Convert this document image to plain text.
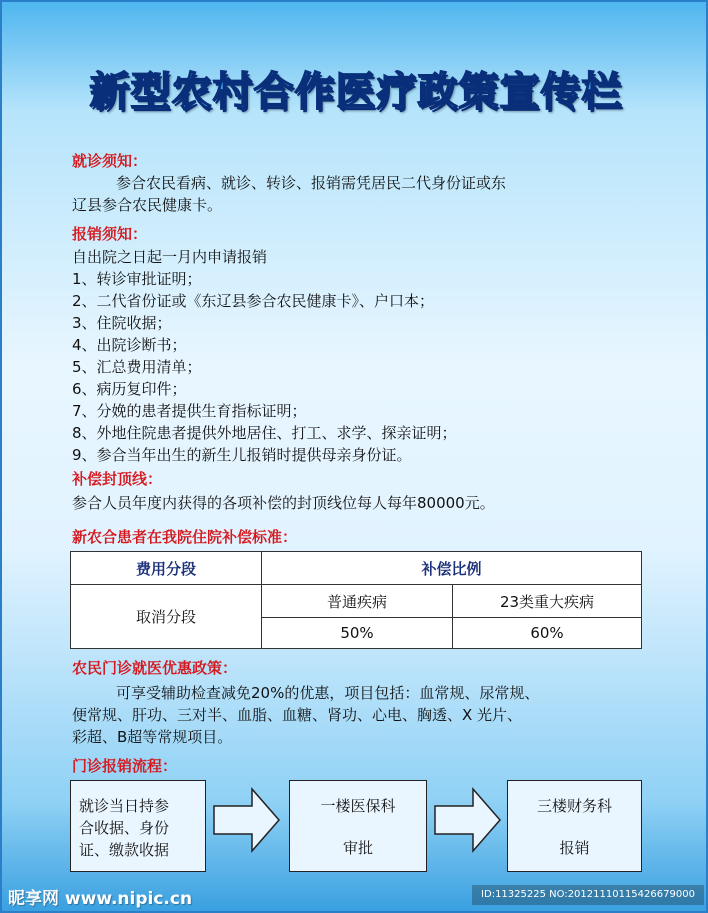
新型农村合作医疗政策宣传栏
就诊须知：
参合农民看病、就诊、转诊、报销需凭居民二代身份证或东
辽县参合农民健康卡。
报销须知：
自出院之日起一月内申请报销
1、转诊审批证明；
2、二代省份证或《东辽县参合农民健康卡》、户口本；
3、住院收据；
4、出院诊断书；
5、汇总费用清单；
6、病历复印件；
7、分娩的患者提供生育指标证明；
8、外地住院患者提供外地居住、打工、求学、探亲证明；
9、参合当年出生的新生儿报销时提供母亲身份证。
补偿封顶线：
参合人员年度内获得的各项补偿的封顶线位每人每年80000元。
新农合患者在我院住院补偿标准：
费用分段	补偿比例	
取消分段	普通疾病	23类重大疾病
	50%	60%
农民门诊就医优惠政策：
可享受辅助检查减免20%的优惠，项目包括：血常规、尿常规、
便常规、肝功、三对半、血脂、血糖、肾功、心电、胸透、X 光片、
彩超、B超等常规项目。
门诊报销流程：
就诊当日持参
合收据、身份
证、缴款收据
一楼医保科
审批
三楼财务科
报销
昵享网 www.nipic.cn	ID:11325225 NO:20121110115426679000
